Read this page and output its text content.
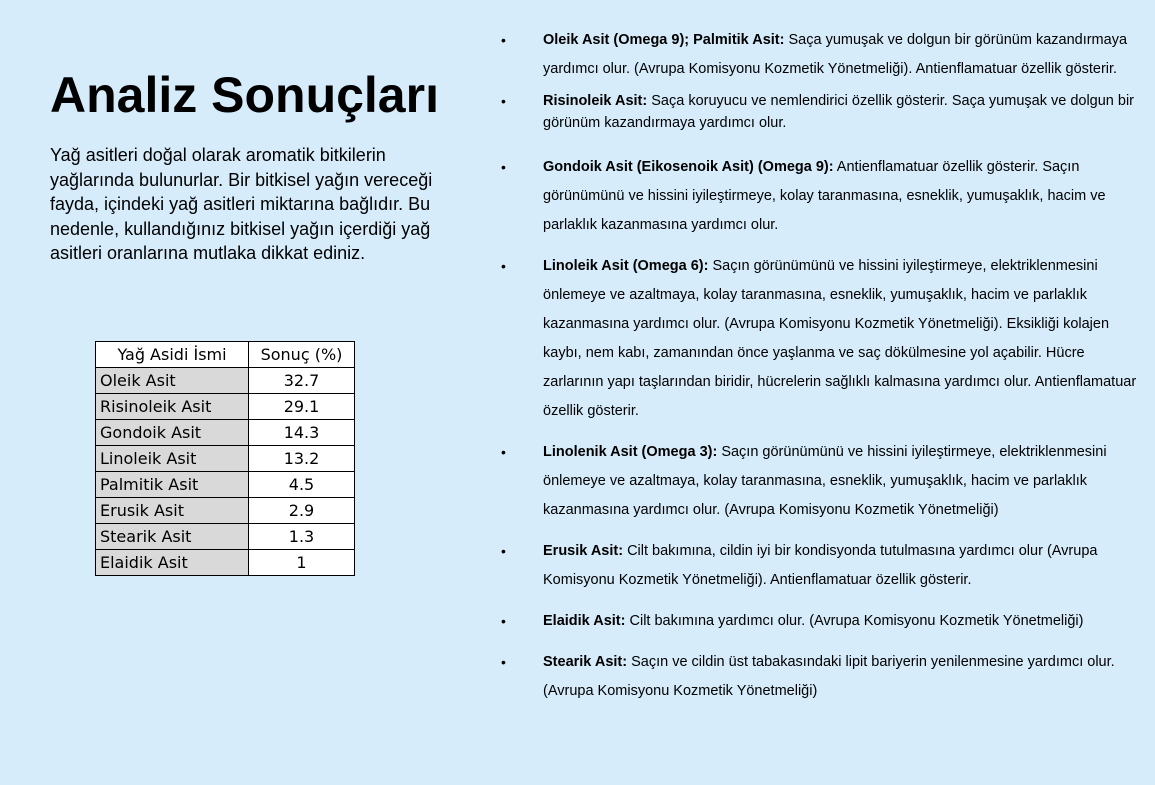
Analiz Sonuçları

Yağ asitleri doğal olarak aromatik bitkilerin yağlarında bulunurlar. Bir bitkisel yağın vereceği fayda, içindeki yağ asitleri miktarına bağlıdır. Bu nedenle, kullandığınız bitkisel yağın içerdiği yağ asitleri oranlarına mutlaka dikkat ediniz.

Yağ Asidi İsmi	Sonuç (%)
Oleik Asit	32.7
Risinoleik Asit	29.1
Gondoik Asit	14.3
Linoleik Asit	13.2
Palmitik Asit	4.5
Erusik Asit	2.9
Stearik Asit	1.3
Elaidik Asit	1
•	Oleik Asit (Omega 9); Palmitik Asit: Saça yumuşak ve dolgun bir görünüm kazandırmaya yardımcı olur. (Avrupa Komisyonu Kozmetik Yönetmeliği). Antienflamatuar özellik gösterir.
•	Risinoleik Asit: Saça koruyucu ve nemlendirici özellik gösterir. Saça yumuşak ve dolgun bir görünüm kazandırmaya yardımcı olur.
•	Gondoik Asit (Eikosenoik Asit) (Omega 9): Antienflamatuar özellik gösterir. Saçın görünümünü ve hissini iyileştirmeye, kolay taranmasına, esneklik, yumuşaklık, hacim ve parlaklık kazanmasına yardımcı olur.
•	Linoleik Asit (Omega 6): Saçın görünümünü ve hissini iyileştirmeye, elektriklenmesini önlemeye ve azaltmaya, kolay taranmasına, esneklik, yumuşaklık, hacim ve parlaklık kazanmasına yardımcı olur. (Avrupa Komisyonu Kozmetik Yönetmeliği). Eksikliği kolajen kaybı, nem kabı, zamanından önce yaşlanma ve saç dökülmesine yol açabilir. Hücre zarlarının yapı taşlarından biridir, hücrelerin sağlıklı kalmasına yardımcı olur. Antienflamatuar özellik gösterir.
•	Linolenik Asit (Omega 3): Saçın görünümünü ve hissini iyileştirmeye, elektriklenmesini önlemeye ve azaltmaya, kolay taranmasına, esneklik, yumuşaklık, hacim ve parlaklık kazanmasına yardımcı olur. (Avrupa Komisyonu Kozmetik Yönetmeliği)
•	Erusik Asit: Cilt bakımına, cildin iyi bir kondisyonda tutulmasına yardımcı olur (Avrupa Komisyonu Kozmetik Yönetmeliği). Antienflamatuar özellik gösterir.
•	Elaidik Asit: Cilt bakımına yardımcı olur. (Avrupa Komisyonu Kozmetik Yönetmeliği)
•	Stearik Asit: Saçın ve cildin üst tabakasındaki lipit bariyerin yenilenmesine yardımcı olur. (Avrupa Komisyonu Kozmetik Yönetmeliği)
